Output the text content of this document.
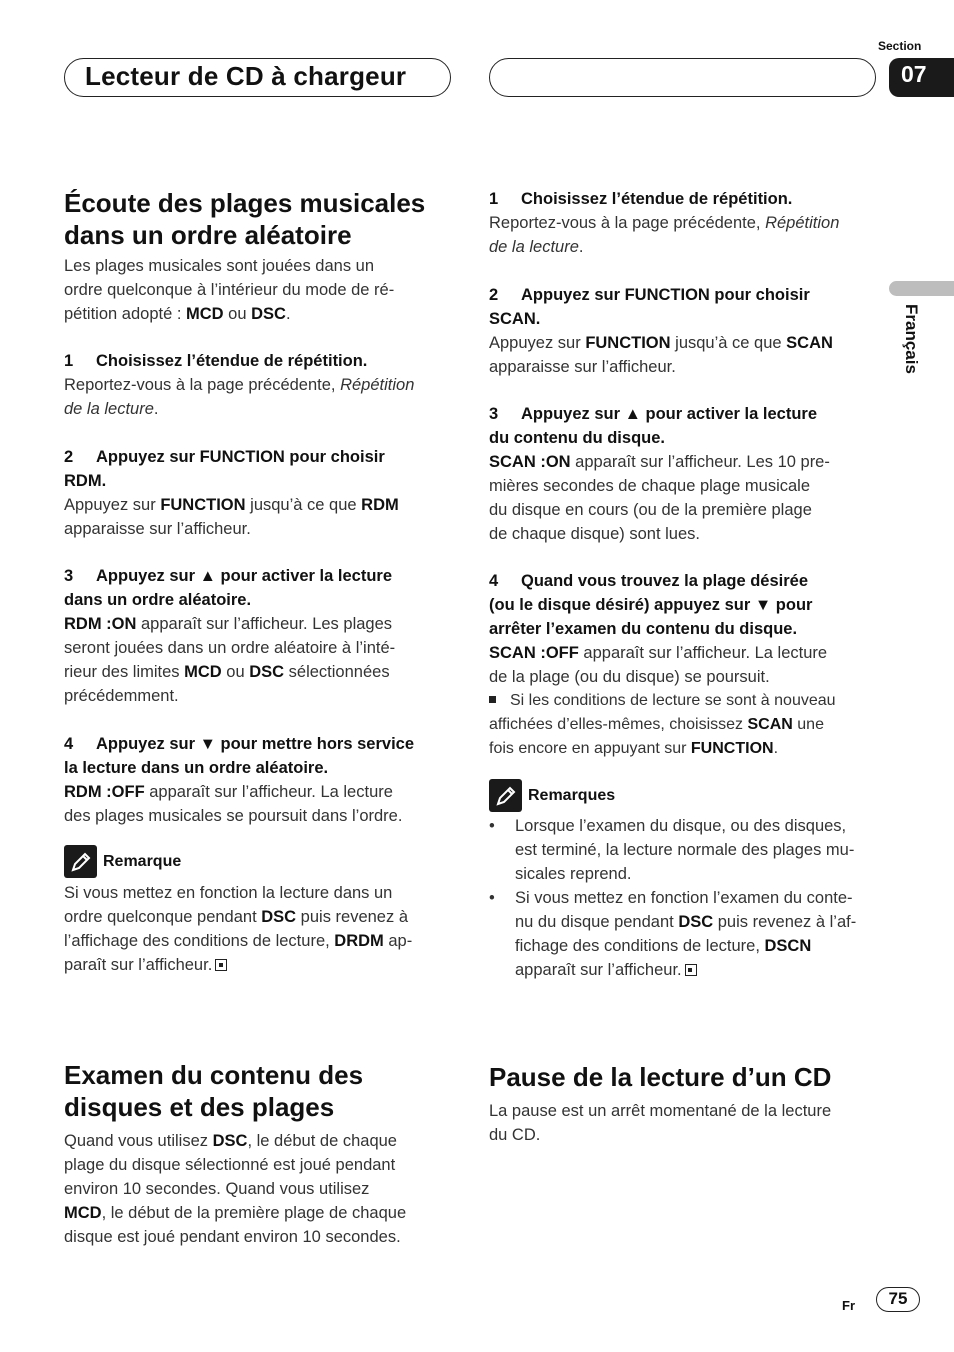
Lecteur de CD à chargeur
Section
07
Français
Écoute des plages musicales
dans un ordre aléatoire

Les plages musicales sont jouées dans un
ordre quelconque à l’intérieur du mode de ré-
pétition adopté : MCD ou DSC.

1 Choisissez l’étendue de répétition.

Reportez-vous à la page précédente, Répétition
de la lecture.

2 Appuyez sur FUNCTION pour choisir
RDM.

Appuyez sur FUNCTION jusqu’à ce que RDM
apparaisse sur l’afficheur.

3 Appuyez sur ▲ pour activer la lecture
dans un ordre aléatoire.

RDM :ON apparaît sur l’afficheur. Les plages
seront jouées dans un ordre aléatoire à l’inté-
rieur des limites MCD ou DSC sélectionnées
précédemment.

4 Appuyez sur ▼ pour mettre hors service
la lecture dans un ordre aléatoire.

RDM :OFF apparaît sur l’afficheur. La lecture
des plages musicales se poursuit dans l’ordre.

Remarque

Si vous mettez en fonction la lecture dans un
ordre quelconque pendant DSC puis revenez à
l’affichage des conditions de lecture, DRDM ap-
paraît sur l’afficheur.

Examen du contenu des
disques et des plages

Quand vous utilisez DSC, le début de chaque
plage du disque sélectionné est joué pendant
environ 10 secondes. Quand vous utilisez
MCD, le début de la première plage de chaque
disque est joué pendant environ 10 secondes.

1 Choisissez l’étendue de répétition.

Reportez-vous à la page précédente, Répétition
de la lecture.

2 Appuyez sur FUNCTION pour choisir
SCAN.

Appuyez sur FUNCTION jusqu’à ce que SCAN
apparaisse sur l’afficheur.

3 Appuyez sur ▲ pour activer la lecture
du contenu du disque.

SCAN :ON apparaît sur l’afficheur. Les 10 pre-
mières secondes de chaque plage musicale
du disque en cours (ou de la première plage
de chaque disque) sont lues.

4 Quand vous trouvez la plage désirée
(ou le disque désiré) appuyez sur ▼ pour
arrêter l’examen du contenu du disque.

SCAN :OFF apparaît sur l’afficheur. La lecture
de la plage (ou du disque) se poursuit.

Si les conditions de lecture se sont à nouveau
affichées d’elles-mêmes, choisissez SCAN une
fois encore en appuyant sur FUNCTION.

Remarques

• Lorsque l’examen du disque, ou des disques,
est terminé, la lecture normale des plages mu-
sicales reprend.

• Si vous mettez en fonction l’examen du conte-
nu du disque pendant DSC puis revenez à l’af-
fichage des conditions de lecture, DSCN
apparaît sur l’afficheur.

Pause de la lecture d’un CD

La pause est un arrêt momentané de la lecture
du CD.

Fr	75
